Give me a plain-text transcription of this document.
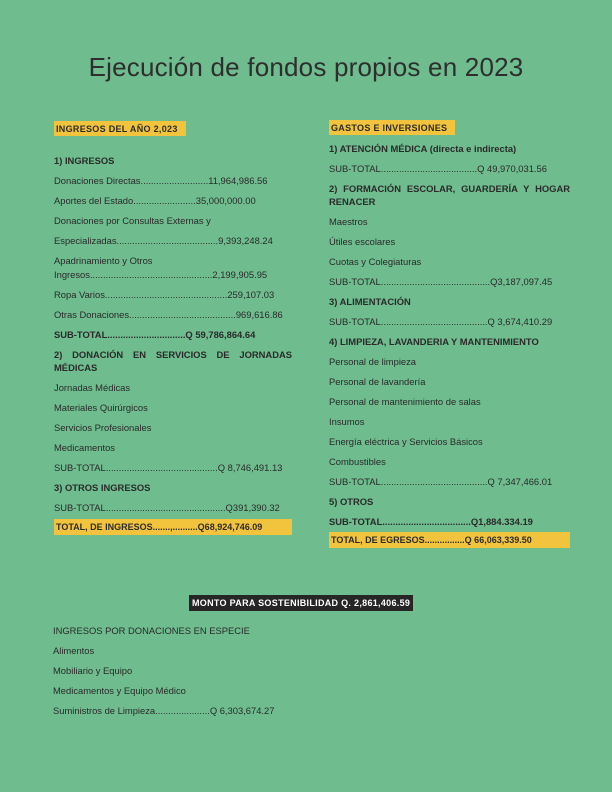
Ejecución de fondos propios en 2023
INGRESOS DEL AÑO 2,023
1) INGRESOS
Donaciones Directas..........................11,964,986.56
Aportes del Estado........................35,000,000.00
Donaciones por Consultas Externas y
Especializadas.......................................9,393,248.24
Apadrinamiento y Otros
Ingresos...............................................2,199,905.95
Ropa Varios...............................................259,107.03
Otras Donaciones.........................................969,616.86
SUB-TOTAL..............................Q 59,786,864.64
2) DONACIÓN EN SERVICIOS DE JORNADAS MÉDICAS
Jornadas Médicas
Materiales Quirúrgicos
Servicios Profesionales
Medicamentos
SUB-TOTAL...........................................Q 8,746,491.13
3) OTROS INGRESOS
SUB-TOTAL..............................................Q391,390.32
TOTAL, DE INGRESOS.......,..........Q68,924,746.09
GASTOS E INVERSIONES
1) ATENCIÓN MÉDICA (directa e indirecta)
SUB-TOTAL.....................................Q 49,970,031.56
2) FORMACIÓN ESCOLAR, GUARDERÍA Y HOGAR RENACER
Maestros
Útiles escolares
Cuotas y Colegiaturas
SUB-TOTAL..........................................Q3,187,097.45
3) ALIMENTACIÓN
SUB-TOTAL.........................................Q 3,674,410.29
4) LIMPIEZA, LAVANDERIA Y MANTENIMIENTO
Personal de limpieza
Personal de lavandería
Personal de mantenimiento de salas
Insumos
Energía eléctrica y Servicios Básicos
Combustibles
SUB-TOTAL.........................................Q 7,347,466.01
5) OTROS
SUB-TOTAL..................................Q1,884.334.19
TOTAL, DE EGRESOS................Q 66,063,339.50
MONTO PARA SOSTENIBILIDAD Q. 2,861,406.59
INGRESOS POR DONACIONES EN ESPECIE
Alimentos
Mobiliario y Equipo
Medicamentos y Equipo Médico
Suministros de Limpieza.....................Q 6,303,674.27
